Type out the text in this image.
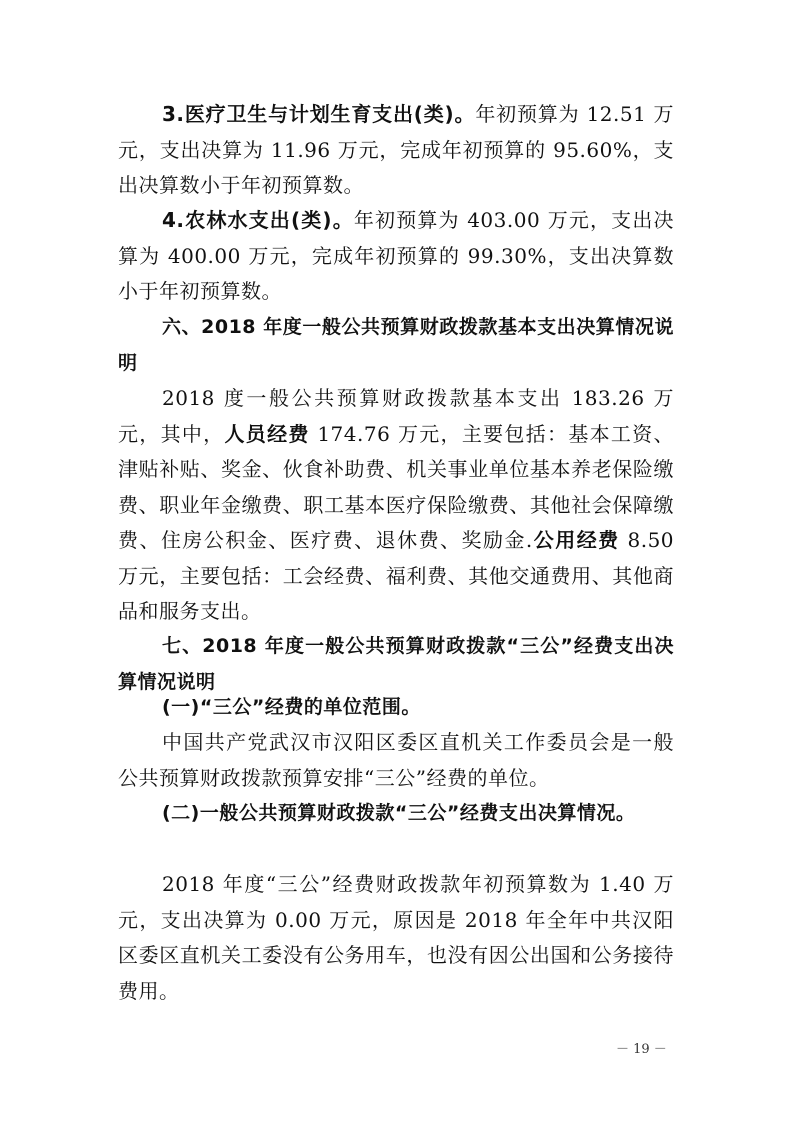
3.医疗卫生与计划生育支出(类)。年初预算为 12.51 万元，支出决算为 11.96 万元，完成年初预算的 95.60%，支出决算数小于年初预算数。

4.农林水支出(类)。年初预算为 403.00 万元，支出决算为 400.00 万元，完成年初预算的 99.30%，支出决算数小于年初预算数。

六、2018 年度一般公共预算财政拨款基本支出决算情况说明

2018 度一般公共预算财政拨款基本支出 183.26 万元，其中，人员经费 174.76 万元，主要包括：基本工资、津贴补贴、奖金、伙食补助费、机关事业单位基本养老保险缴费、职业年金缴费、职工基本医疗保险缴费、其他社会保障缴费、住房公积金、医疗费、退休费、奖励金.公用经费 8.50 万元，主要包括：工会经费、福利费、其他交通费用、其他商品和服务支出。

七、2018 年度一般公共预算财政拨款“三公”经费支出决算情况说明

(一)“三公”经费的单位范围。

中国共产党武汉市汉阳区委区直机关工作委员会是一般公共预算财政拨款预算安排“三公”经费的单位。

(二)一般公共预算财政拨款“三公”经费支出决算情况。

2018 年度“三公”经费财政拨款年初预算数为 1.40 万元，支出决算为 0.00 万元，原因是 2018 年全年中共汉阳区委区直机关工委没有公务用车，也没有因公出国和公务接待费用。

－ 19 －
